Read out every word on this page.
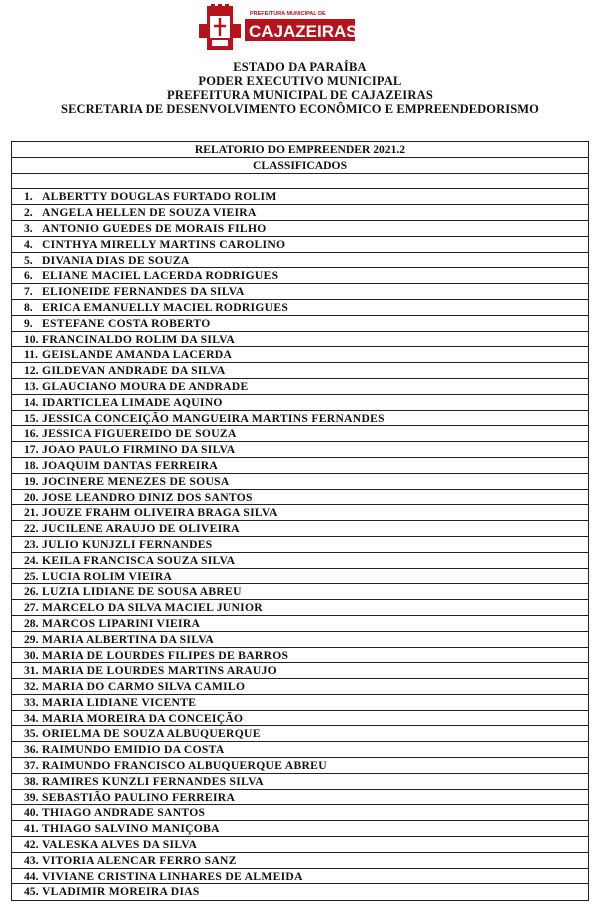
PREFEITURA MUNICIPAL DE
CAJAZEIRAS
ESTADO DA PARAÍBA
PODER EXECUTIVO MUNICIPAL
PREFEITURA MUNICIPAL DE CAJAZEIRAS
SECRETARIA DE DESENVOLVIMENTO ECONÔMICO E EMPREENDEDORISMO
RELATORIO DO EMPREENDER 2021.2
CLASSIFICADOS
1. ALBERTTY DOUGLAS FURTADO ROLIM
2. ANGELA HELLEN DE SOUZA VIEIRA
3. ANTONIO GUEDES DE MORAIS FILHO
4. CINTHYA MIRELLY MARTINS CAROLINO
5. DIVANIA DIAS DE SOUZA
6. ELIANE MACIEL LACERDA RODRIGUES
7. ELIONEIDE FERNANDES DA SILVA
8. ERICA EMANUELLY MACIEL RODRIGUES
9. ESTEFANE COSTA ROBERTO
10. FRANCINALDO ROLIM DA SILVA
11. GEISLANDE AMANDA LACERDA
12. GILDEVAN ANDRADE DA SILVA
13. GLAUCIANO MOURA DE ANDRADE
14. IDARTICLEA LIMADE AQUINO
15. JESSICA CONCEIÇÃO MANGUEIRA MARTINS FERNANDES
16. JESSICA FIGUEREIDO DE SOUZA
17. JOAO PAULO FIRMINO DA SILVA
18. JOAQUIM DANTAS FERREIRA
19. JOCINERE MENEZES DE SOUSA
20. JOSE LEANDRO DINIZ DOS SANTOS
21. JOUZE FRAHM OLIVEIRA BRAGA SILVA
22. JUCILENE ARAUJO DE OLIVEIRA
23. JULIO KUNJZLI FERNANDES
24. KEILA FRANCISCA SOUZA SILVA
25. LUCIA ROLIM VIEIRA
26. LUZIA LIDIANE DE SOUSA ABREU
27. MARCELO DA SILVA MACIEL JUNIOR
28. MARCOS LIPARINI VIEIRA
29. MARIA ALBERTINA DA SILVA
30. MARIA DE LOURDES FILIPES DE BARROS
31. MARIA DE LOURDES MARTINS ARAUJO
32. MARIA DO CARMO SILVA CAMILO
33. MARIA LIDIANE VICENTE
34. MARIA MOREIRA DA CONCEIÇÃO
35. ORIELMA DE SOUZA ALBUQUERQUE
36. RAIMUNDO EMIDIO DA COSTA
37. RAIMUNDO FRANCISCO ALBUQUERQUE ABREU
38. RAMIRES KUNZLI FERNANDES SILVA
39. SEBASTIÃO PAULINO FERREIRA
40. THIAGO ANDRADE SANTOS
41. THIAGO SALVINO MANIÇOBA
42. VALESKA ALVES DA SILVA
43. VITORIA ALENCAR FERRO SANZ
44. VIVIANE CRISTINA LINHARES DE ALMEIDA
45. VLADIMIR MOREIRA DIAS
